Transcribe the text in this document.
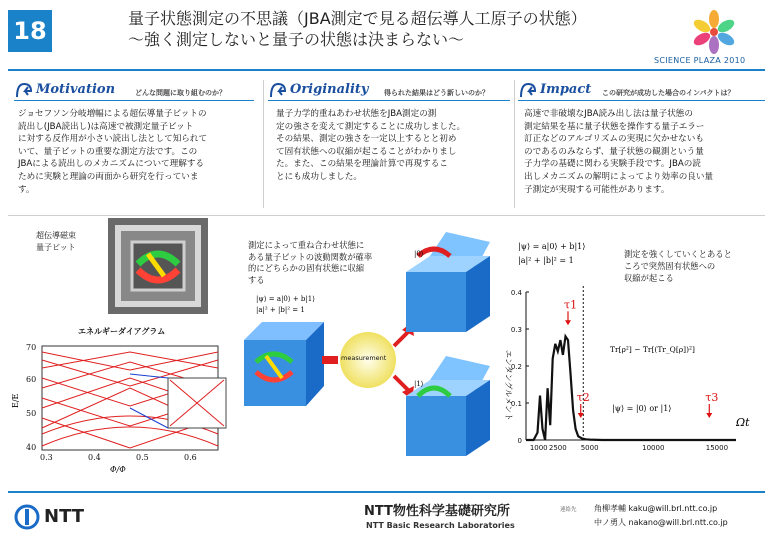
18	量子状態測定の不思議（JBA測定で見る超伝導人工原子の状態）
〜強く測定しないと量子の状態は決まらない〜
SCIENCE PLAZA 2010
Motivation	どんな問題に取り組むのか？
ジョセフソン分岐増幅による超伝導量子ビットの
読出し(JBA読出し)は高速で被測定量子ビット
に対する反作用が小さい読出し法として知られて
いて、量子ビットの重要な測定方法です。この
JBAによる読出しのメカニズムについて理解する
ために実験と理論の両面から研究を行っていま
す。
Originality 得られた結果はどう新しいのか？
量子力学的重ねあわせ状態をJBA測定の測
定の強さを変えて測定することに成功しました。
その結果、測定の強さを一定以上するとと初め
て固有状態への収縮が起こることがわかりまし
た。また、この結果を理論計算で再現するこ
とにも成功しました。
Impact この研究が成功した場合のインパクトは？
高速で非破壊なJBA読み出し法は量子状態の
測定結果を基に量子状態を操作する量子エラー
訂正などのアルゴリズムの実現に欠かせないも
のであるのみならず、量子状態の観測という量
子力学の基礎に関わる実験手段です。JBAの読
出しメカニズムの解明によってより効率の良い量
子測定が実現する可能性があります。
超伝導磁束
量子ビット
エネルギーダイアグラム
E/E
70
60
50
40
0.3	0.4	0.5	0.6
Φ/Φ
測定によって重ね合わせ状態に
ある量子ビットの波動関数が確率
的にどちらかの固有状態に収縮
する
|ψ⟩ = a|0⟩ + b|1⟩
|a|² + |b|² = 1
measurement
|0⟩
|1⟩
|ψ⟩ = a|0⟩ + b|1⟩
|a|² + |b|² = 1
測定を強くしていくとあると
ころで突然固有状態への
収縮が起こる
エンタングルメント
0
0.1
0.2
0.3
0.4
1000 2500 5000	10000	15000
τ1
τ2	τ3
Tr[ρ²] − Tr[(Tr_Q[ρ])²]
|ψ⟩ = |0⟩ or |1⟩
Ωt
NTT	NTT物性科学基礎研究所
NTT Basic Research Laboratories
連絡先 角柳孝輔 kaku@will.brl.ntt.co.jp
中ノ勇人 nakano@will.brl.ntt.co.jp
